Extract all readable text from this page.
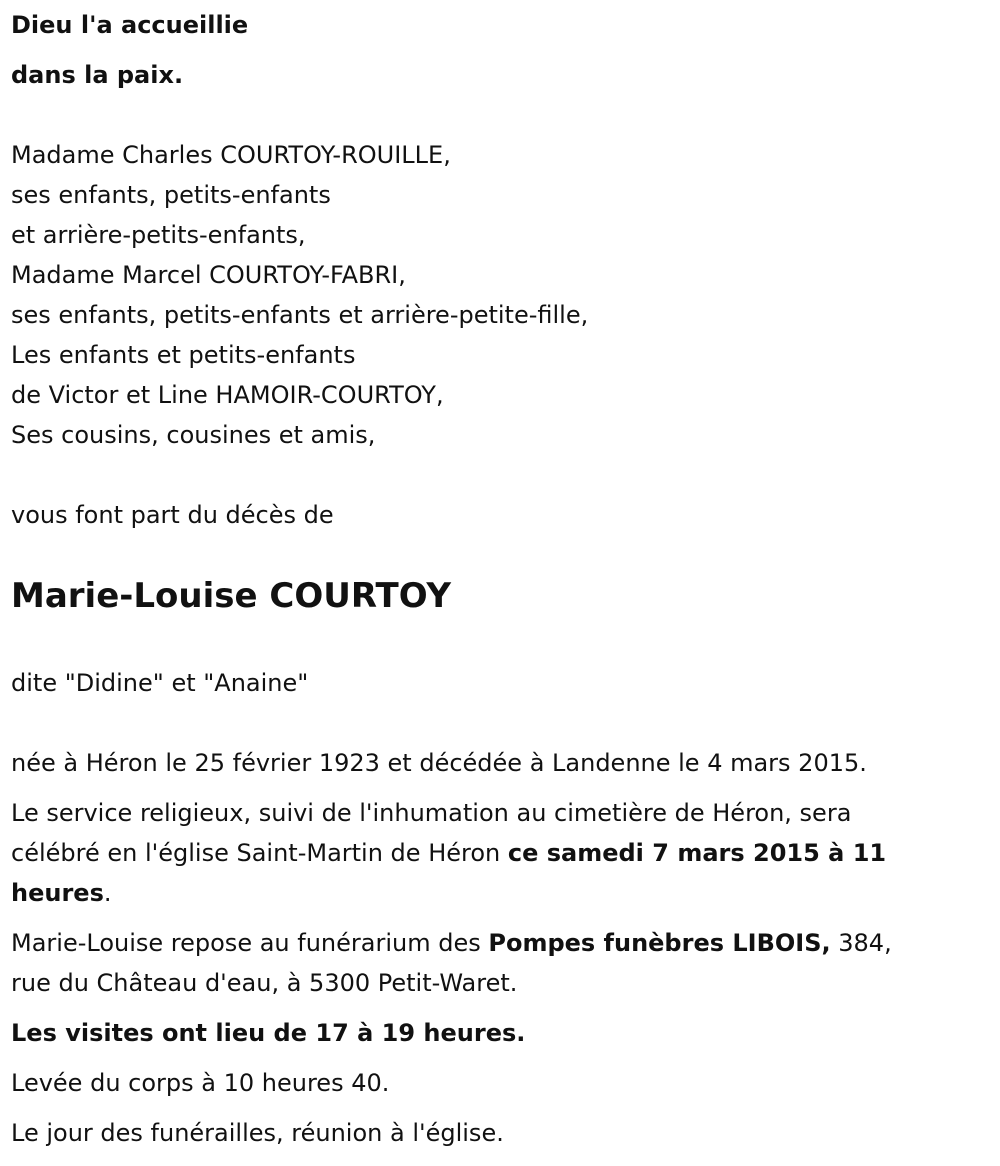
Dieu l'a accueillie
dans la paix.
Madame Charles COURTOY-ROUILLE,
ses enfants, petits-enfants
et arrière-petits-enfants,
Madame Marcel COURTOY-FABRI,
ses enfants, petits-enfants et arrière-petite-fille,
Les enfants et petits-enfants
de Victor et Line HAMOIR-COURTOY,
Ses cousins, cousines et amis,
vous font part du décès de
Marie-Louise COURTOY
dite "Didine" et "Anaine"
née à Héron le 25 février 1923 et décédée à Landenne le 4 mars 2015.
Le service religieux, suivi de l'inhumation au cimetière de Héron, sera
célébré en l'église Saint-Martin de Héron ce samedi 7 mars 2015 à 11
heures.
Marie-Louise repose au funérarium des Pompes funèbres LIBOIS, 384,
rue du Château d'eau, à 5300 Petit-Waret.
Les visites ont lieu de 17 à 19 heures.
Levée du corps à 10 heures 40.
Le jour des funérailles, réunion à l'église.
